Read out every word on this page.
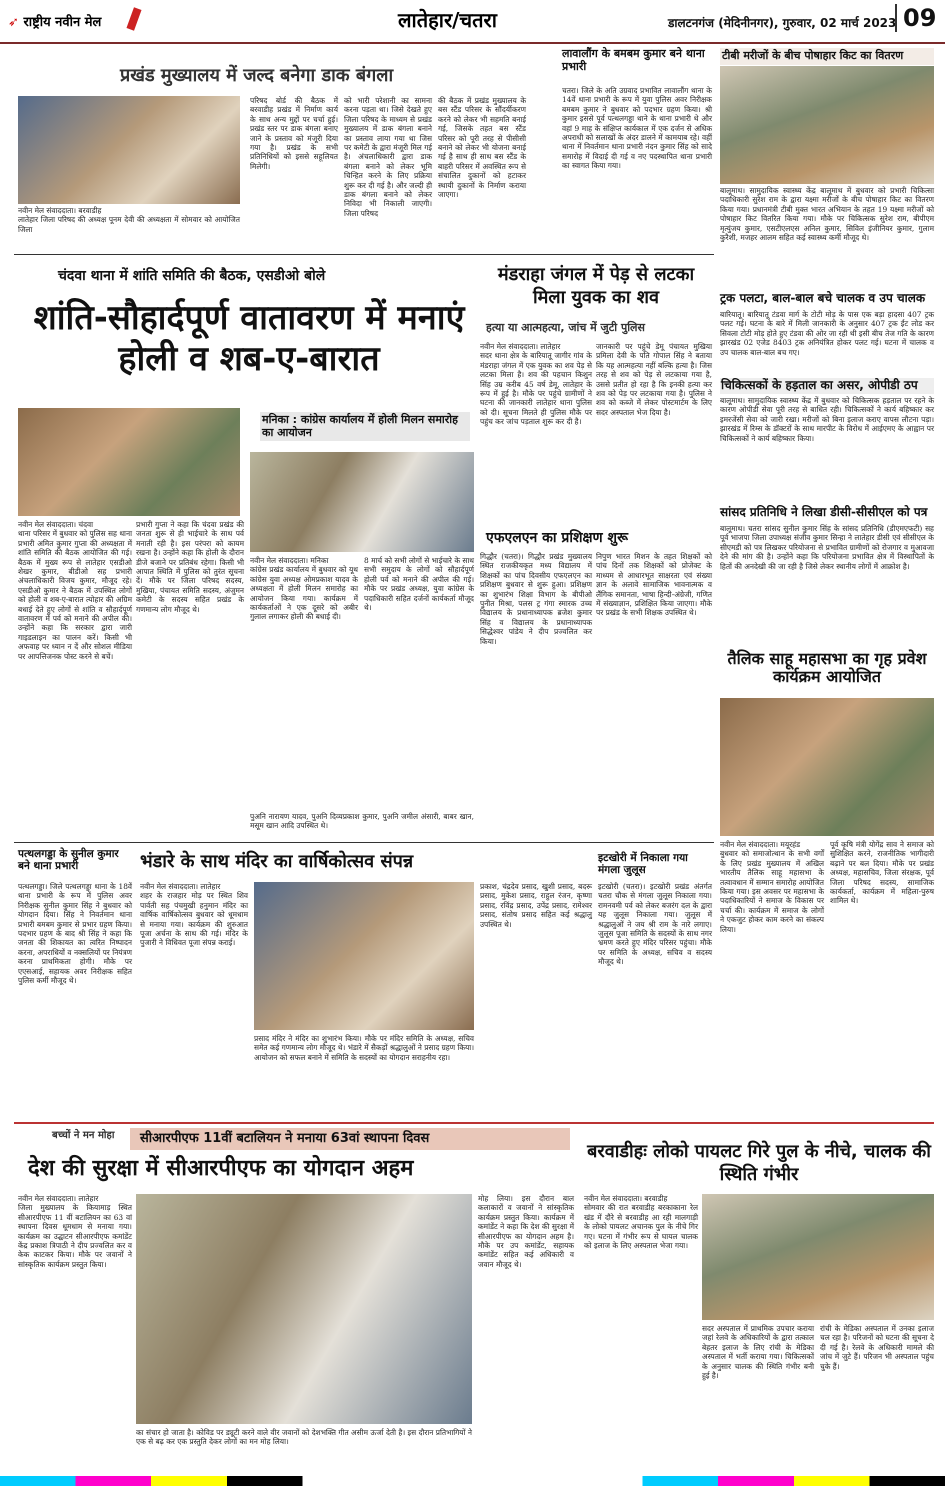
➶ राष्ट्रीय नवीन मेल	लातेहार/चतरा	डालटनगंज (मेदिनीनगर), गुरुवार, 02 मार्च 2023 09
प्रखंड मुख्यालय में जल्द बनेगा डाक बंगला
नवीन मेल संवाददाता। बरवाडीह
लातेहार जिला परिषद की अध्यक्ष पूनम देवी की अध्यक्षता में सोमवार को आयोजित जिला
परिषद बोर्ड की बैठक में बरवाडीह प्रखंड में निर्माण कार्य के साथ अन्य मुद्दों पर चर्चा हुई। प्रखंड स्तर पर डाक बंगला बनाए जाने के प्रस्ताव को मंजूरी दिया गया है। प्रखंड के सभी प्रतिनिधियों को इससे सहूलियत मिलेगी।
को भारी परेशानी का सामना करना पड़ता था। जिसे देखते हुए जिला परिषद के माध्यम से प्रखंड मुख्यालय में डाक बंगला बनाने का प्रस्ताव लाया गया था जिस पर कमेटी के द्वारा मंजूरी मिल गई है। अंचलाधिकारी द्वारा डाक बंगला बनाने को लेकर भूमि चिन्हित करने के लिए प्रक्रिया शुरू कर दी गई है। और जल्दी ही डाक बंगला बनाने को लेकर निविदा भी निकाली जाएगी। जिला परिषद
की बैठक में प्रखंड मुख्यालय के बस स्टैंड परिसर के सौंदर्यीकरण करने को लेकर भी सहमति बनाई गई, जिसके तहत बस स्टैंड परिसर को पूरी तरह से पीसीसी बनाने को लेकर भी योजना बनाई गई है साथ ही साथ बस स्टैंड के बाहरी परिसर में अवस्थित रूप से संचालित दुकानों को हटाकर स्थायी दुकानों के निर्माण कराया जाएगा।
लावालौंग के बमबम कुमार बने थाना प्रभारी
चतरा। जिले के अति उग्रवाद प्रभावित लावालौंग थाना के 14वें थाना प्रभारी के रूप में युवा पुलिस अवर निरीक्षक बमबम कुमार ने बुधवार को पदभार ग्रहण किया। श्री कुमार इससे पूर्व पत्थलगड्डा थाने के थाना प्रभारी थे और वहां 9 माह के संक्षिप्त कार्यकाल में एक दर्जन से अधिक अपराधी को सलाखों के अंदर डालने में कामयाब रहे। वहीं थाना में निवर्तमान थाना प्रभारी नंदन कुमार सिंह को सादे समारोह में विदाई दी गई व नए पदस्थापित थाना प्रभारी का स्वागत किया गया।
टीबी मरीजों के बीच पोषाहार किट का वितरण
बालूमाथ। सामुदायिक स्वास्थ्य केंद्र बालूमाथ में बुधवार को प्रभारी चिकित्सा पदाधिकारी सुरेश राम के द्वारा यक्ष्मा मरीजों के बीच पोषाहार किट का वितरण किया गया। प्रधानमंत्री टीबी मुक्त भारत अभियान के तहत 19 यक्ष्मा मरीजों को पोषाहार किट वितरित किया गया। मौके पर चिकित्सक सुरेश राम, बीपीएम मृत्युंजय कुमार, एसटीएलएस अनिल कुमार, सिविल इंजीनियर कुमार, गुलाम कुरैशी, मजहर आलम सहित कई स्वास्थ्य कर्मी मौजूद थे।
ट्रक पलटा, बाल-बाल बचे चालक व उप चालक
बारियातू। बारियातू टंडवा मार्ग के टोटी मोड़ के पास एक बड़ा हादसा 407 ट्रक पलट गई। घटना के बारे में मिली जानकारी के अनुसार 407 ट्रक ईंट लोड कर सिवला टोटी मोड़ होते हुए टंडवा की ओर जा रही थी इसी बीच तेज गति के कारण झारखंड 02 एजेड 8403 ट्रक अनियंत्रित होकर पलट गई। घटना में चालक व उप चालक बाल-बाल बच गए।
चिकित्सकों के हड़ताल का असर, ओपीडी ठप
बालूमाथ। सामुदायिक स्वास्थ्य केंद्र में बुधवार को चिकित्सक हड़ताल पर रहने के कारण ओपीडी सेवा पूरी तरह से बाधित रही। चिकित्सकों ने कार्य बहिष्कार कर इमरजेंसी सेवा को जारी रखा। मरीजों को बिना इलाज कराए वापस लौटना पड़ा। झारखंड में रिम्स के डॉक्टरों के साथ मारपीट के विरोध में आईएमए के आह्वान पर चिकित्सकों ने कार्य बहिष्कार किया।
सांसद प्रतिनिधि ने लिखा डीसी-सीसीएल को पत्र
बालूमाथ। चतरा सांसद सुनील कुमार सिंह के सांसद प्रतिनिधि (डीएमएफटी) सह पूर्व भाजपा जिला उपाध्यक्ष संजीव कुमार सिन्हा ने लातेहार डीसी एवं सीसीएल के सीएमडी को पत्र लिखकर परियोजना से प्रभावित ग्रामीणों को रोजगार व मुआवजा देने की मांग की है। उन्होंने कहा कि परियोजना प्रभावित क्षेत्र में विस्थापितों के हितों की अनदेखी की जा रही है जिसे लेकर स्थानीय लोगों में आक्रोश है।
चंदवा थाना में शांति समिति की बैठक, एसडीओ बोले
शांति-सौहार्दपूर्ण वातावरण में मनाएं होली व शब-ए-बारात
नवीन मेल संवाददाता। चंदवा
थाना परिसर में बुधवार को पुलिस सह थाना प्रभारी अमित कुमार गुप्ता की अध्यक्षता में शांति समिति की बैठक आयोजित की गई। बैठक में मुख्य रूप से लातेहार एसडीओ शेखर कुमार, बीडीओ सह प्रभारी अंचलाधिकारी विजय कुमार, मौजूद रहे। एसडीओ कुमार ने बैठक में उपस्थित लोगों को होली व शब-ए-बारात त्योहार की अग्रिम बधाई देते हुए लोगों से शांति व सौहार्दपूर्ण वातावरण में पर्व को मनाने की अपील की। उन्होंने कहा कि सरकार द्वारा जारी गाइडलाइन का पालन करें। किसी भी अफवाह पर ध्यान न दें और सोशल मीडिया पर आपत्तिजनक पोस्ट करने से बचें।
प्रभारी गुप्ता ने कहा कि चंदवा प्रखंड की जनता शुरू से ही भाईचारे के साथ पर्व मनाती रही है। इस परंपरा को कायम रखना है। उन्होंने कहा कि होली के दौरान डीजे बजाने पर प्रतिबंध रहेगा। किसी भी आपात स्थिति में पुलिस को तुरंत सूचना दें। मौके पर जिला परिषद सदस्य, मुखिया, पंचायत समिति सदस्य, अंजुमन कमेटी के सदस्य सहित प्रखंड के गणमान्य लोग मौजूद थे।
मनिका : कांग्रेस कार्यालय में होली मिलन समारोह का आयोजन
नवीन मेल संवाददाता। मनिका
कांग्रेस प्रखंड कार्यालय में बुधवार को यूथ कांग्रेस युवा अध्यक्ष ओमप्रकाश यादव के अध्यक्षता में होली मिलन समारोह का आयोजन किया गया। कार्यक्रम में कार्यकर्ताओं ने एक दूसरे को अबीर गुलाल लगाकर होली की बधाई दी।
8 मार्च को सभी लोगों से भाईचारे के साथ सभी समुदाय के लोगों को सौहार्दपूर्ण होली पर्व को मनाने की अपील की गई। मौके पर प्रखंड अध्यक्ष, युवा कांग्रेस के पदाधिकारी सहित दर्जनों कार्यकर्ता मौजूद थे।
पुअनि नारायण यादव, पुअनि दिव्यप्रकाश कुमार, पुअनि जमील अंसारी, बाबर खान, मसूम खान आदि उपस्थित थे।
मंडराहा जंगल में पेड़ से लटका मिला युवक का शव
हत्या या आत्महत्या, जांच में जुटी पुलिस
नवीन मेल संवाददाता। लातेहार
सदर थाना क्षेत्र के बारियातू जागीर गांव के मंडराहा जंगल में एक युवक का शव पेड़ से लटका मिला है। शव की पहचान किशुन सिंह उम्र करीब 45 वर्ष डेमू, लातेहार के रूप में हुई है। मौके पर पहुंचे ग्रामीणों ने घटना की जानकारी लातेहार थाना पुलिस को दी। सूचना मिलते ही पुलिस मौके पर पहुंच कर जांच पड़ताल शुरू कर दी है।
जानकारी पर पहुंचे डेमू पंचायत मुखिया प्रमिला देवी के पति गोपाल सिंह ने बताया कि यह आत्महत्या नहीं बल्कि हत्या है। जिस तरह से शव को पेड़ से लटकाया गया है, उससे प्रतीत हो रहा है कि इनकी हत्या कर शव को पेड़ पर लटकाया गया है। पुलिस ने शव को कब्जे में लेकर पोस्टमार्टम के लिए सदर अस्पताल भेज दिया है।
एफएलएन का प्रशिक्षण शुरू
गिद्धौर (चतरा)। गिद्धौर प्रखंड मुख्यालय स्थित राजकीयकृत मध्य विद्यालय में शिक्षकों का पांच दिवसीय एफएलएन का प्रशिक्षण बुधवार से शुरू हुआ। प्रशिक्षण का शुभारंभ शिक्षा विभाग के बीपीओ पुनीत मिश्रा, पलस ट्र गंगा स्मारक उच्च विद्यालय के प्रधानाध्यापक ब्रजेश कुमार सिंह व विद्यालय के प्रधानाध्यापक सिद्धेश्वर पांडेय ने दीप प्रज्वलित कर किया।
निपुण भारत मिशन के तहत शिक्षकों को पांच दिनों तक शिक्षकों को प्रोजेक्ट के माध्यम से आधारभूत साक्षरता एवं संख्या ज्ञान के अलावे सामाजिक भावनात्मक व लैंगिक समानता, भाषा हिन्दी-अंग्रेजी, गणित में संख्याज्ञान, प्रशिक्षित किया जाएगा। मौके पर प्रखंड के सभी शिक्षक उपस्थित थे।
तैलिक साहू महासभा का गृह प्रवेश कार्यक्रम आयोजित
नवीन मेल संवाददाता। मयूरहंड
बुधवार को समाजोत्थान के सभी वर्गों के लिए प्रखंड मुख्यालय में अखिल भारतीय तैलिक साहू महासभा के तत्वावधान में सम्मान समारोह आयोजित किया गया। इस अवसर पर महासभा के पदाधिकारियों ने समाज के विकास पर चर्चा की। कार्यक्रम में समाज के लोगों ने एकजुट होकर काम करने का संकल्प लिया।
पूर्व कृषि मंत्री योगेंद्र साव ने समाज को सुशिक्षित करने, राजनीतिक भागीदारी बढ़ाने पर बल दिया। मौके पर प्रखंड अध्यक्ष, महासचिव, जिला संरक्षक, पूर्व जिला परिषद सदस्य, सामाजिक कार्यकर्ता, कार्यक्रम में महिला-पुरुष शामिल थे।
पत्थलगड्डा के सुनील कुमार बने थाना प्रभारी
पत्थलगड्डा। जिले पत्थलगड्डा थाना के 18वें थाना प्रभारी के रूप में पुलिस अवर निरीक्षक सुनील कुमार सिंह ने बुधवार को योगदान दिया। सिंह ने निवर्तमान थाना प्रभारी बमबम कुमार से प्रभार ग्रहण किया। पदभार ग्रहण के बाद श्री सिंह ने कहा कि जनता की शिकायत का त्वरित निष्पादन करना, अपराधियों व नक्सलियों पर नियंत्रण करना प्राथमिकता होगी। मौके पर एएसआई, सहायक अवर निरीक्षक सहित पुलिस कर्मी मौजूद थे।
भंडारे के साथ मंदिर का वार्षिकोत्सव संपन्न
नवीन मेल संवाददाता। लातेहार
शहर के राजहार मोड़ पर स्थित शिव पार्वती सह पंचमुखी हनुमान मंदिर का वार्षिक वार्षिकोत्सव बुधवार को धूमधाम से मनाया गया। कार्यक्रम की शुरुआत पूजा अर्चना के साथ की गई। मंदिर के पुजारी ने विधिवत पूजा संपन्न कराई।
प्रसाद मंदिर ने मंदिर का शुभारंभ किया। मौके पर मंदिर समिति के अध्यक्ष, सचिव समेत कई गणमान्य लोग मौजूद थे। भंडारे में सैकड़ों श्रद्धालुओं ने प्रसाद ग्रहण किया। आयोजन को सफल बनाने में समिति के सदस्यों का योगदान सराहनीय रहा।
प्रकाश, चंद्रदेव प्रसाद, खुशी प्रसाद, बदरू प्रसाद, मुकेश प्रसाद, राहुल रंजन, कृष्णा प्रसाद, रविंद्र प्रसाद, उपेंद्र प्रसाद, रामेश्वर प्रसाद, संतोष प्रसाद सहित कई श्रद्धालु उपस्थित थे।
इटखोरी में निकाला गया मंगला जुलूस
इटखोरी (चतरा)। इटखोरी प्रखंड अंतर्गत चतरा चौक से मंगला जुलूस निकाला गया। रामनवमी पर्व को लेकर बजरंग दल के द्वारा यह जुलूस निकाला गया। जुलूस में श्रद्धालुओं ने जय श्री राम के नारे लगाए। जुलूस पूजा समिति के सदस्यों के साथ नगर भ्रमण करते हुए मंदिर परिसर पहुंचा। मौके पर समिति के अध्यक्ष, सचिव व सदस्य मौजूद थे।
बच्चों ने मन मोहा	सीआरपीएफ 11वीं बटालियन ने मनाया 63वां स्थापना दिवस
देश की सुरक्षा में सीआरपीएफ का योगदान अहम
नवीन मेल संवाददाता। लातेहार
जिला मुख्यालय के कियामाड़ स्थित सीआरपीएफ 11 वीं बटालियन का 63 वां स्थापना दिवस धूमधाम से मनाया गया। कार्यक्रम का उद्घाटन सीआरपीएफ कमांडेंट केंद्र प्रकाश त्रिपाठी ने दीप प्रज्वलित कर व केक काटकर किया। मौके पर जवानों ने सांस्कृतिक कार्यक्रम प्रस्तुत किया।
का संचार हो जाता है। कोविड पर ड्यूटी करने वाले वीर जवानों को देशभक्ति गीत असीम ऊर्जा देती है। इस दौरान प्रतिभागियों ने एक से बढ़ कर एक प्रस्तुति देकर लोगों का मन मोह लिया।
मोह लिया। इस दौरान बाल कलाकारों व जवानों ने सांस्कृतिक कार्यक्रम प्रस्तुत किया। कार्यक्रम में कमांडेंट ने कहा कि देश की सुरक्षा में सीआरपीएफ का योगदान अहम है। मौके पर उप कमांडेंट, सहायक कमांडेंट सहित कई अधिकारी व जवान मौजूद थे।
बरवाडीहः लोको पायलट गिरे पुल के नीचे, चालक की स्थिति गंभीर
नवीन मेल संवाददाता। बरवाडीह
सोमवार की रात बरवाडीह बरकाकाना रेल खंड में दौरे से बरवाडीह आ रही मालगाड़ी के लोको पायलट अचानक पुल के नीचे गिर गए। घटना में गंभीर रूप से घायल चालक को इलाज के लिए अस्पताल भेजा गया।
सदर अस्पताल में प्राथमिक उपचार कराया जहां रेलवे के अधिकारियों के द्वारा तत्काल बेहतर इलाज के लिए रांची के मेडिका अस्पताल में भर्ती कराया गया। चिकित्सकों के अनुसार चालक की स्थिति गंभीर बनी हुई है।
रांची के मेडिका अस्पताल में उनका इलाज चल रहा है। परिजनों को घटना की सूचना दे दी गई है। रेलवे के अधिकारी मामले की जांच में जुटे हैं। परिजन भी अस्पताल पहुंच चुके हैं।
